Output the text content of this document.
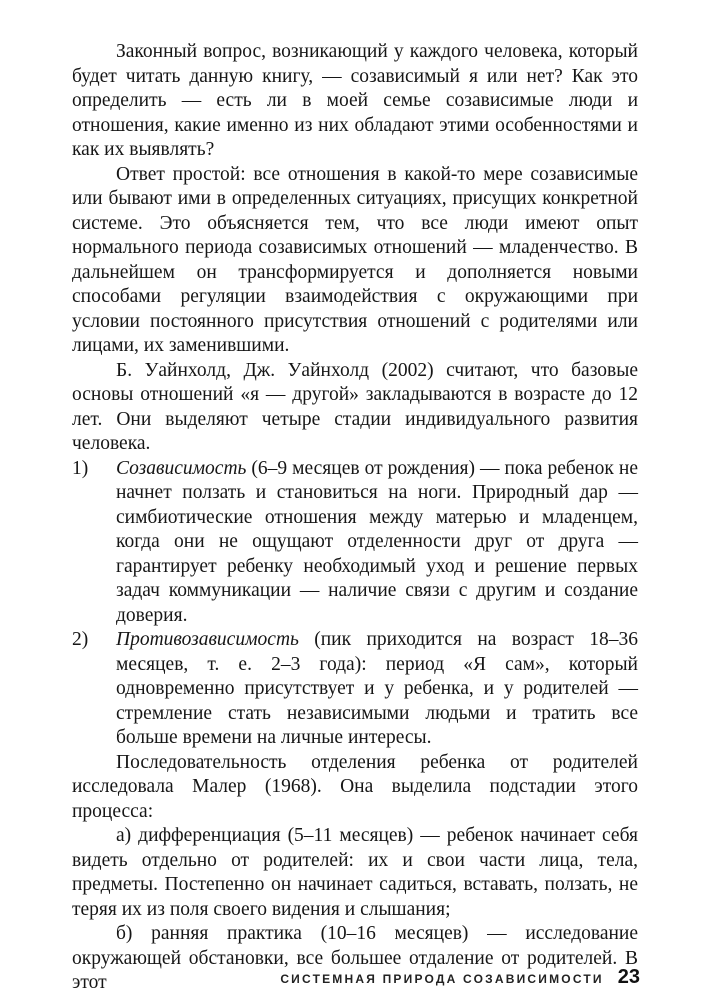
Законный вопрос, возникающий у каждого человека, который будет читать данную книгу, — созависимый я или нет? Как это определить — есть ли в моей семье созависимые люди и отношения, какие именно из них обладают этими особенностями и как их выявлять?

Ответ простой: все отношения в какой-то мере созависимые или бывают ими в определенных ситуациях, присущих конкретной системе. Это объясняется тем, что все люди имеют опыт нормального периода созависимых отношений — младенчество. В дальнейшем он трансформируется и дополняется новыми способами регуляции взаимодействия с окружающими при условии постоянного присутствия отношений с родителями или лицами, их заменившими.

Б. Уайнхолд, Дж. Уайнхолд (2002) считают, что базовые основы отношений «я — другой» закладываются в возрасте до 12 лет. Они выделяют четыре стадии индивидуального развития человека.

1)	Созависимость (6–9 месяцев от рождения) — пока ребенок не начнет ползать и становиться на ноги. Природный дар — симбиотические отношения между матерью и младенцем, когда они не ощущают отделенности друг от друга — гарантирует ребенку необходимый уход и решение первых задач коммуникации — наличие связи с другим и создание доверия.
2)	Противозависимость (пик приходится на возраст 18–36 месяцев, т. е. 2–3 года): период «Я сам», который одновременно присутствует и у ребенка, и у родителей — стремление стать независимыми людьми и тратить все больше времени на личные интересы.

Последовательность отделения ребенка от родителей исследовала Малер (1968). Она выделила подстадии этого процесса:

а) дифференциация (5–11 месяцев) — ребенок начинает себя видеть отдельно от родителей: их и свои части лица, тела, предметы. Постепенно он начинает садиться, вставать, ползать, не теряя их из поля своего видения и слышания;

б) ранняя практика (10–16 месяцев) — исследование окружающей обстановки, все большее отдаление от родителей. В этот	СИСТЕМНАЯ ПРИРОДА СОЗАВИСИМОСТИ 23
